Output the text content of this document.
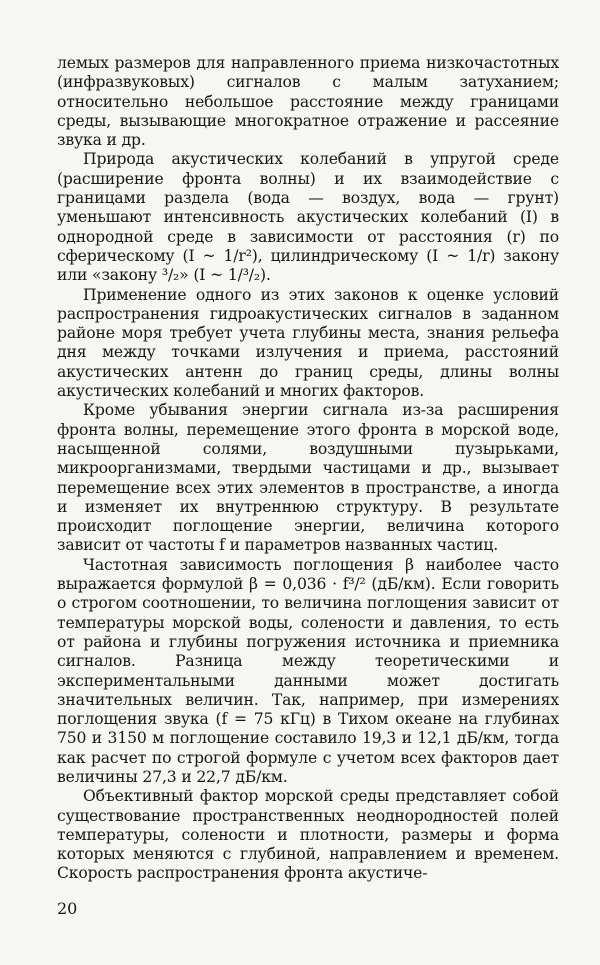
лемых размеров для направленного приема низкочастотных (инфразвуковых) сигналов с малым затуханием; относительно небольшое расстояние между границами среды, вызывающие многократное отражение и рассеяние звука и др.

Природа акустических колебаний в упругой среде (расширение фронта волны) и их взаимодействие с границами раздела (вода — воздух, вода — грунт) уменьшают интенсивность акустических колебаний (I) в однородной среде в зависимости от расстояния (r) по сферическому (I ~ 1/r²), цилиндрическому (I ~ 1/r) закону или «закону ³/₂» (I ~ 1/³/₂).

Применение одного из этих законов к оценке условий распространения гидроакустических сигналов в заданном районе моря требует учета глубины места, знания рельефа дня между точками излучения и приема, расстояний акустических антенн до границ среды, длины волны акустических колебаний и многих факторов.

Кроме убывания энергии сигнала из-за расширения фронта волны, перемещение этого фронта в морской воде, насыщенной солями, воздушными пузырьками, микроорганизмами, твердыми частицами и др., вызывает перемещение всех этих элементов в пространстве, а иногда и изменяет их внутреннюю структуру. В результате происходит поглощение энергии, величина которого зависит от частоты f и параметров названных частиц.

Частотная зависимость поглощения β наиболее часто выражается формулой β = 0,036 · f³/² (дБ/км). Если говорить о строгом соотношении, то величина поглощения зависит от температуры морской воды, солености и давления, то есть от района и глубины погружения источника и приемника сигналов. Разница между теоретическими и экспериментальными данными может достигать значительных величин. Так, например, при измерениях поглощения звука (f = 75 кГц) в Тихом океане на глубинах 750 и 3150 м поглощение составило 19,3 и 12,1 дБ/км, тогда как расчет по строгой формуле с учетом всех факторов дает величины 27,3 и 22,7 дБ/км.

Объективный фактор морской среды представляет собой существование пространственных неоднородностей полей температуры, солености и плотности, размеры и форма которых меняются с глубиной, направлением и временем. Скорость распространения фронта акустиче-

20
